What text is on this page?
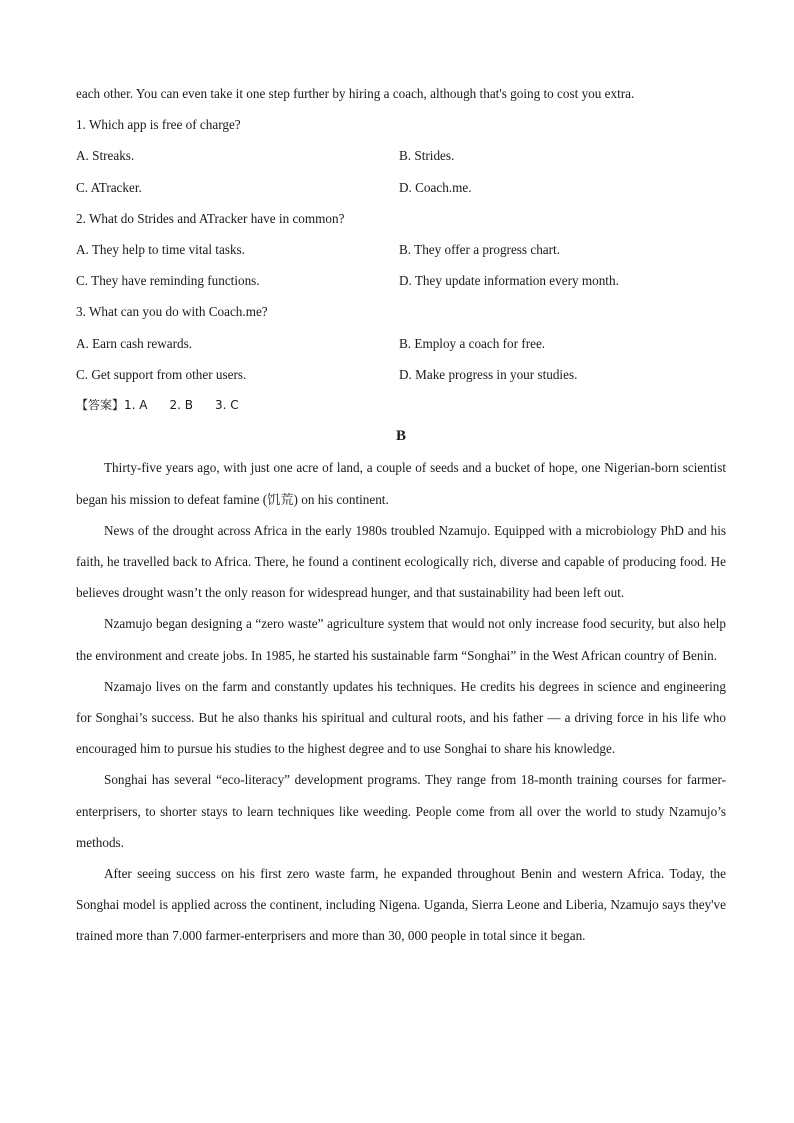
each other. You can even take it one step further by hiring a coach, although that's going to cost you extra.
1. Which app is free of charge?
A. Streaks.	B. Strides.
C. ATracker.	D. Coach.me.
2. What do Strides and ATracker have in common?
A. They help to time vital tasks.	B. They offer a progress chart.
C. They have reminding functions.	D. They update information every month.
3. What can you do with Coach.me?
A. Earn cash rewards.	B. Employ a coach for free.
C. Get support from other users.	D. Make progress in your studies.
【答案】1. A 2. B 3. C
B

Thirty-five years ago, with just one acre of land, a couple of seeds and a bucket of hope, one Nigerian-born scientist began his mission to defeat famine (饥荒) on his continent.

News of the drought across Africa in the early 1980s troubled Nzamujo. Equipped with a microbiology PhD and his faith, he travelled back to Africa. There, he found a continent ecologically rich, diverse and capable of producing food. He believes drought wasn’t the only reason for widespread hunger, and that sustainability had been left out.

Nzamujo began designing a “zero waste” agriculture system that would not only increase food security, but also help the environment and create jobs. In 1985, he started his sustainable farm “Songhai” in the West African country of Benin.

Nzamajo lives on the farm and constantly updates his techniques. He credits his degrees in science and engineering for Songhai’s success. But he also thanks his spiritual and cultural roots, and his father — a driving force in his life who encouraged him to pursue his studies to the highest degree and to use Songhai to share his knowledge.

Songhai has several “eco-literacy” development programs. They range from 18-month training courses for farmer-enterprisers, to shorter stays to learn techniques like weeding. People come from all over the world to study Nzamujo’s methods.

After seeing success on his first zero waste farm, he expanded throughout Benin and western Africa. Today, the Songhai model is applied across the continent, including Nigena. Uganda, Sierra Leone and Liberia, Nzamujo says they've trained more than 7.000 farmer-enterprisers and more than 30, 000 people in total since it began.
